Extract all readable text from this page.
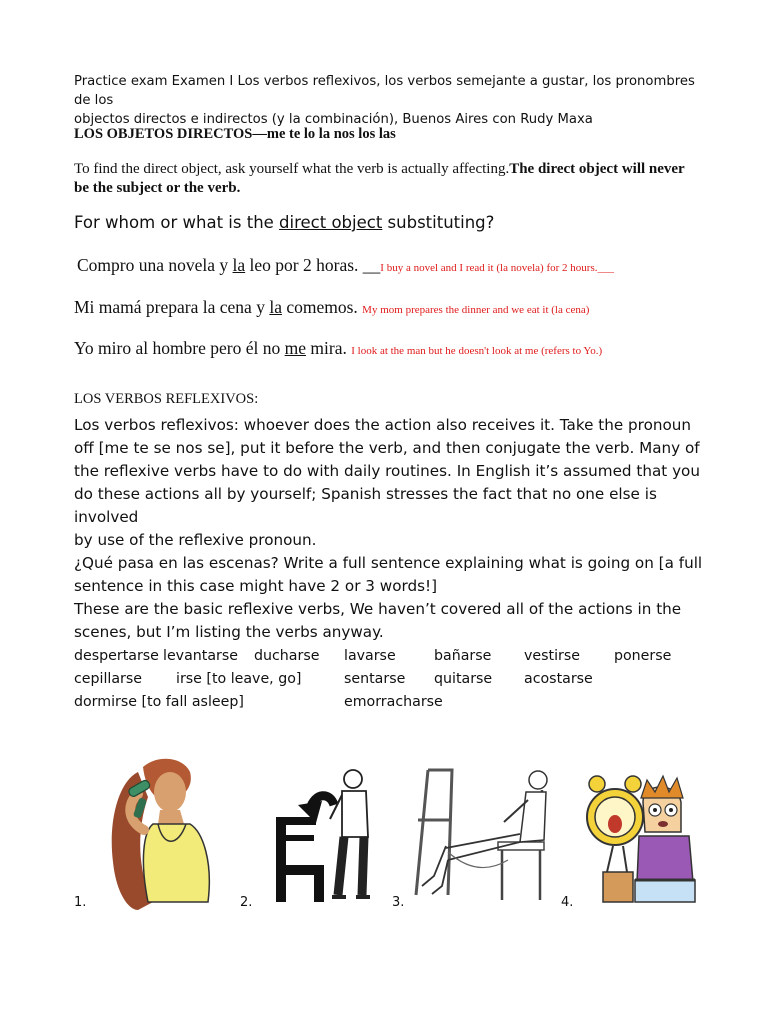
Practice exam Examen I Los verbos reflexivos, los verbos semejante a gustar, los pronombres de los
objectos directos e indirectos (y la combinación), Buenos Aires con Rudy Maxa
LOS OBJETOS DIRECTOS—me te lo la nos los las
To find the direct object, ask yourself what the verb is actually affecting.The direct object will never
be the subject or the verb.
For whom or what is the direct object substituting?
Compro una novela y la leo por 2 horas. __I buy a novel and I read it (la novela) for 2 hours.___
Mi mamá prepara la cena y la comemos. My mom prepares the dinner and we eat it (la cena)
Yo miro al hombre pero él no me mira. I look at the man but he doesn't look at me (refers to Yo.)
LOS VERBOS REFLEXIVOS:
Los verbos reflexivos: whoever does the action also receives it. Take the pronoun
off [me te se nos se], put it before the verb, and then conjugate the verb. Many of
the reflexive verbs have to do with daily routines. In English it’s assumed that you
do these actions all by yourself; Spanish stresses the fact that no one else is involved
by use of the reflexive pronoun.
¿Qué pasa en las escenas? Write a full sentence explaining what is going on [a full
sentence in this case might have 2 or 3 words!]
These are the basic reflexive verbs, We haven’t covered all of the actions in the
scenes, but I’m listing the verbs anyway.
despertarse levantarse ducharse lavarse	bañarse vestirse ponerse
cepillarse irse [to leave, go]	sentarse quitarse acostarse
dormirse [to fall asleep]	emorracharse
1.	2.	3.	4.
